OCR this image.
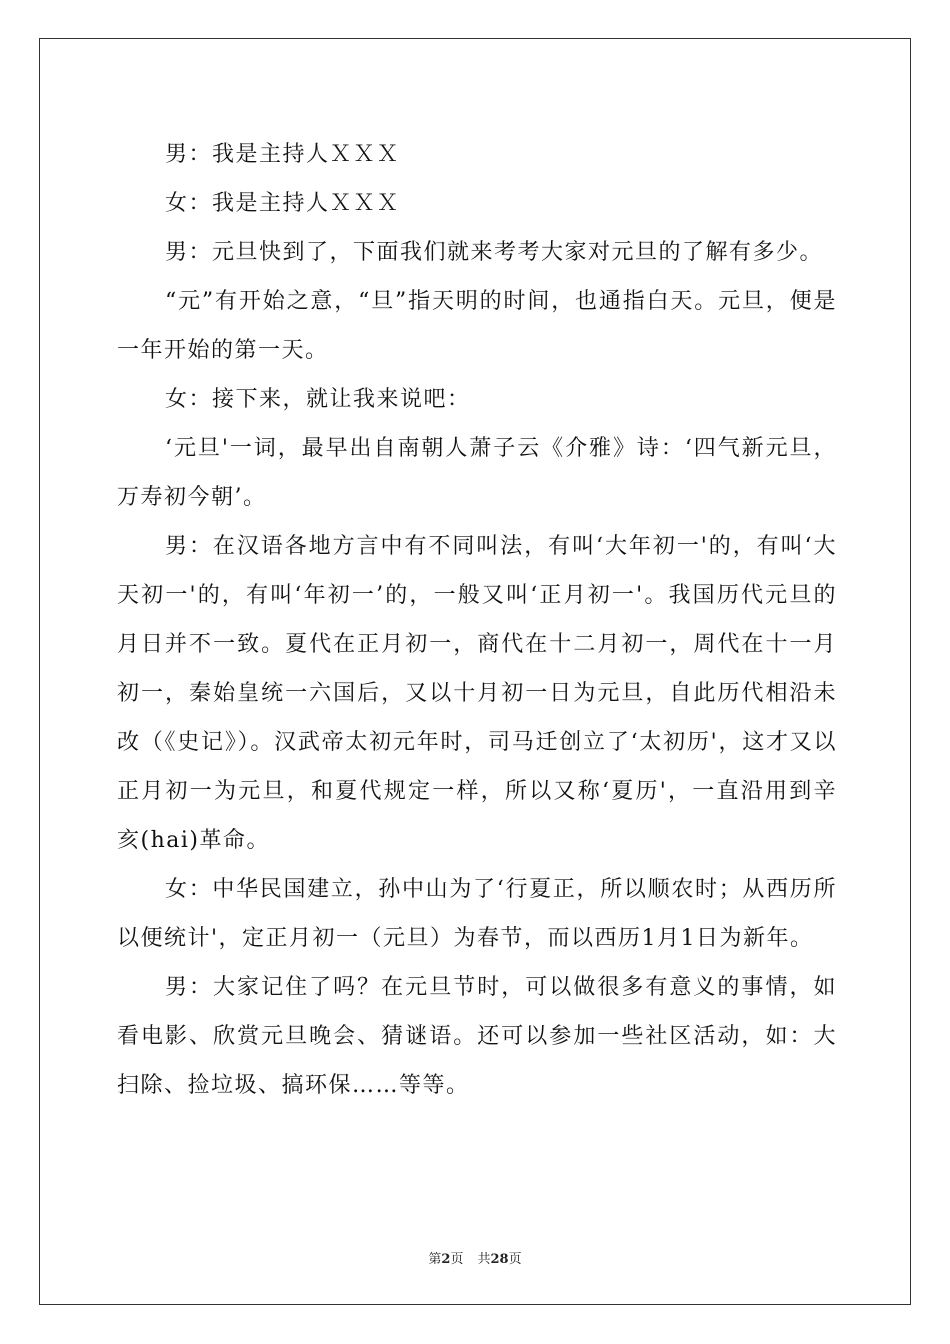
男：我是主持人ＸＸＸ

女：我是主持人ＸＸＸ

男：元旦快到了，下面我们就来考考大家对元旦的了解有多少。

“元”有开始之意，“旦”指天明的时间，也通指白天。元旦，便是一年开始的第一天。

女：接下来，就让我来说吧：

‘元旦'一词，最早出自南朝人萧子云《介雅》诗：‘四气新元旦，万寿初今朝’。

男：在汉语各地方言中有不同叫法，有叫‘大年初一'的，有叫‘大天初一'的，有叫‘年初一’的，一般又叫‘正月初一'。我国历代元旦的月日并不一致。夏代在正月初一，商代在十二月初一，周代在十一月初一，秦始皇统一六国后，又以十月初一日为元旦，自此历代相沿未改（《史记》）。汉武帝太初元年时，司马迁创立了‘太初历'，这才又以正月初一为元旦，和夏代规定一样，所以又称‘夏历'，一直沿用到辛亥(hai)革命。

女：中华民国建立，孙中山为了‘行夏正，所以顺农时；从西历所以便统计'，定正月初一（元旦）为春节，而以西历1月1日为新年。

男：大家记住了吗？在元旦节时，可以做很多有意义的事情，如看电影、欣赏元旦晚会、猜谜语。还可以参加一些社区活动，如：大扫除、捡垃圾、搞环保……等等。

第2页 共28页
